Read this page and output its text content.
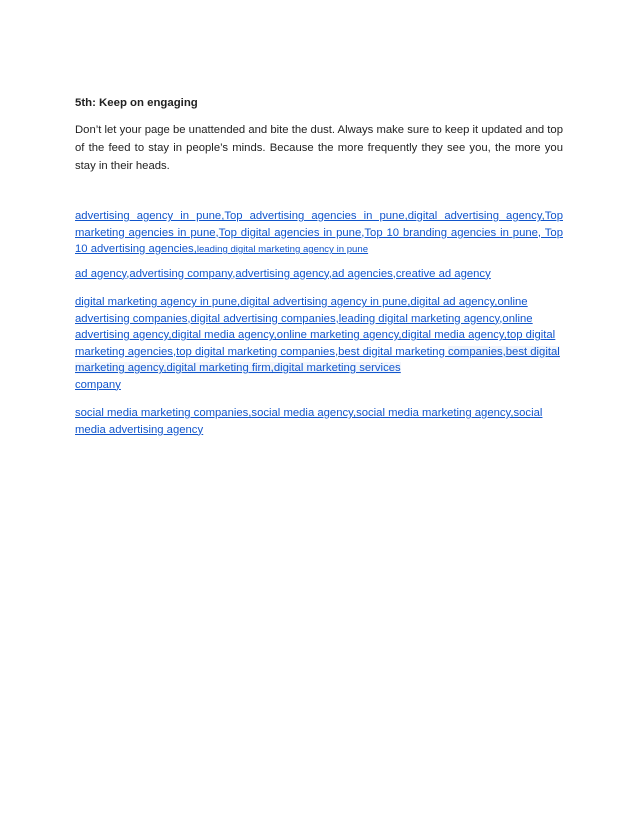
5th: Keep on engaging

Don’t let your page be unattended and bite the dust. Always make sure to keep it updated and top of the feed to stay in people’s minds. Because the more frequently they see you, the more you stay in their heads.

advertising agency in pune,Top advertising agencies in pune,digital advertising agency,Top marketing agencies in pune,Top digital agencies in pune,Top 10 branding agencies in pune, Top 10 advertising agencies,leading digital marketing agency in pune
ad agency,advertising company,advertising agency,ad agencies,creative ad agency
digital marketing agency in pune,digital advertising agency in pune,digital ad agency,online advertising companies,digital advertising companies,leading digital marketing agency,online advertising agency,digital media agency,online marketing agency,digital media agency,top digital marketing agencies,top digital marketing companies,best digital marketing companies,best digital marketing agency,digital marketing firm,digital marketing services
company
social media marketing companies,social media agency,social media marketing agency,social media advertising agency
